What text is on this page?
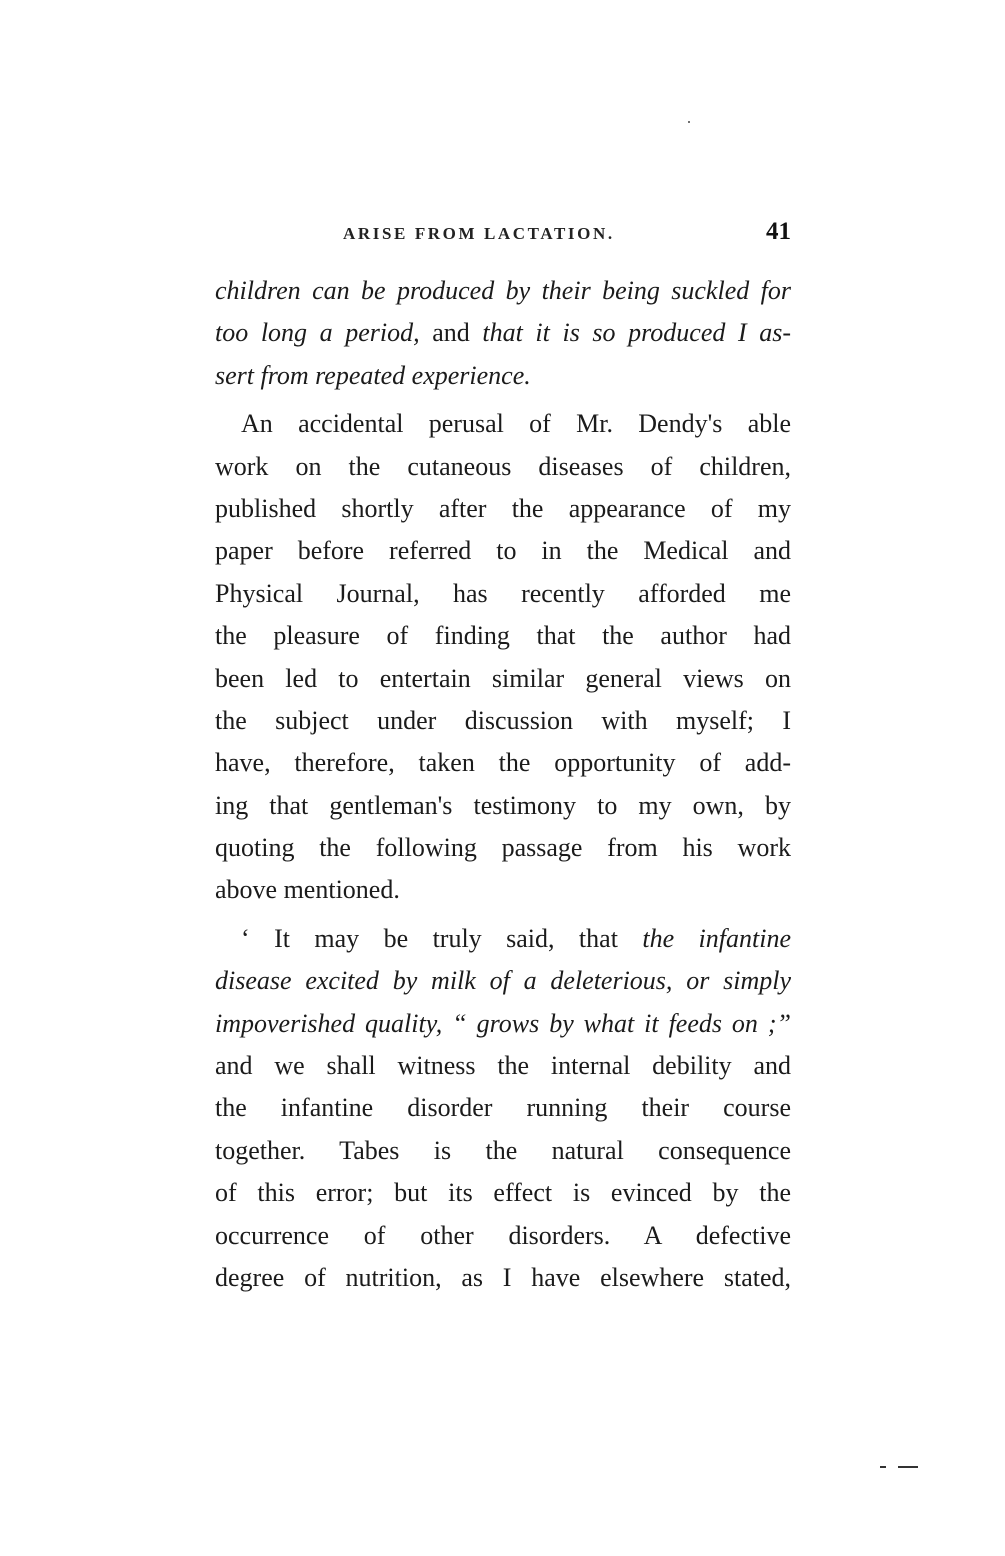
ARISE FROM LACTATION.	41
children can be produced by their being suckled for
too long a period, and that it is so produced I as-
sert from repeated experience.
An accidental perusal of Mr. Dendy's able
work on the cutaneous diseases of children,
published shortly after the appearance of my
paper before referred to in the Medical and
Physical Journal, has recently afforded me
the pleasure of finding that the author had
been led to entertain similar general views on
the subject under discussion with myself; I
have, therefore, taken the opportunity of add-
ing that gentleman's testimony to my own, by
quoting the following passage from his work
above mentioned.
‘ It may be truly said, that the infantine
disease excited by milk of a deleterious, or simply
impoverished quality, “ grows by what it feeds on ;”
and we shall witness the internal debility and
the infantine disorder running their course
together. Tabes is the natural consequence
of this error; but its effect is evinced by the
occurrence of other disorders. A defective
degree of nutrition, as I have elsewhere stated,
